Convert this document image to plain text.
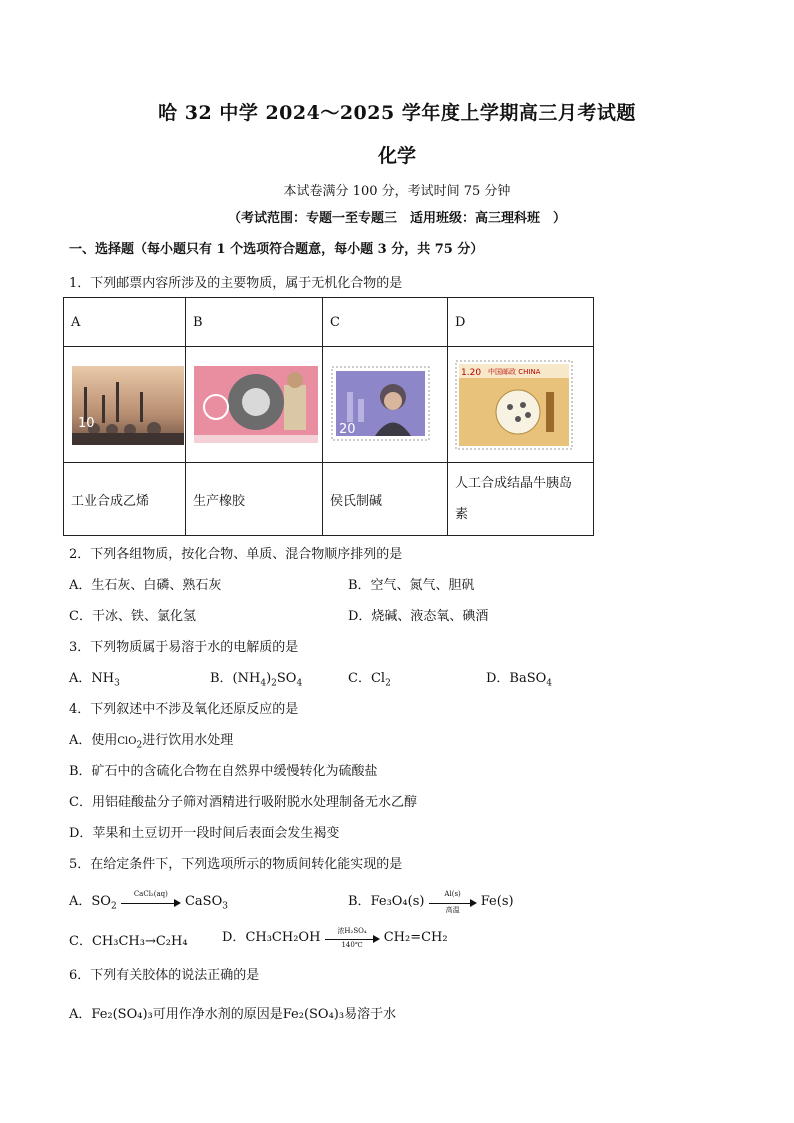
哈 32 中学 2024～2025 学年度上学期高三月考试题
化学
本试卷满分 100 分，考试时间 75 分钟
（考试范围：专题一至专题三　适用班级：高三理科班　）
一、选择题（每小题只有 1 个选项符合题意，每小题 3 分，共 75 分）
1．下列邮票内容所涉及的主要物质，属于无机化合物的是
A	B	C	D

10		20	1.20 中国邮政 CHINA

工业合成乙烯	生产橡胶	侯氏制碱	人工合成结晶牛胰岛
素
2．下列各组物质，按化合物、单质、混合物顺序排列的是
A．生石灰、白磷、熟石灰	B．空气、氮气、胆矾
C．干冰、铁、氯化氢	D．烧碱、液态氧、碘酒
3．下列物质属于易溶于水的电解质的是
A．$NH_3$	B．$(NH_4)_2SO_4$	C．$Cl_2$	D．BaSO$_4$
4．下列叙述中不涉及氧化还原反应的是
A．使用ClO$_2$进行饮用水处理
B．矿石中的含硫化合物在自然界中缓慢转化为硫酸盐
C．用铝硅酸盐分子筛对酒精进行吸附脱水处理制备无水乙醇
D．苹果和土豆切开一段时间后表面会发生褐变
5．在给定条件下，下列选项所示的物质间转化能实现的是
A．$SO_2$
CaCl₂(aq)
CaSO$_3$	B．Fe₃O₄(s)
Al(s)
高温
Fe(s)
C．CH₃CH₃→C₂H₄	D．CH₃CH₂OH	浓H₂SO₄
140℃	CH₂=CH₂
6．下列有关胶体的说法正确的是
A．Fe₂(SO₄)₃可用作净水剂的原因是Fe₂(SO₄)₃易溶于水
